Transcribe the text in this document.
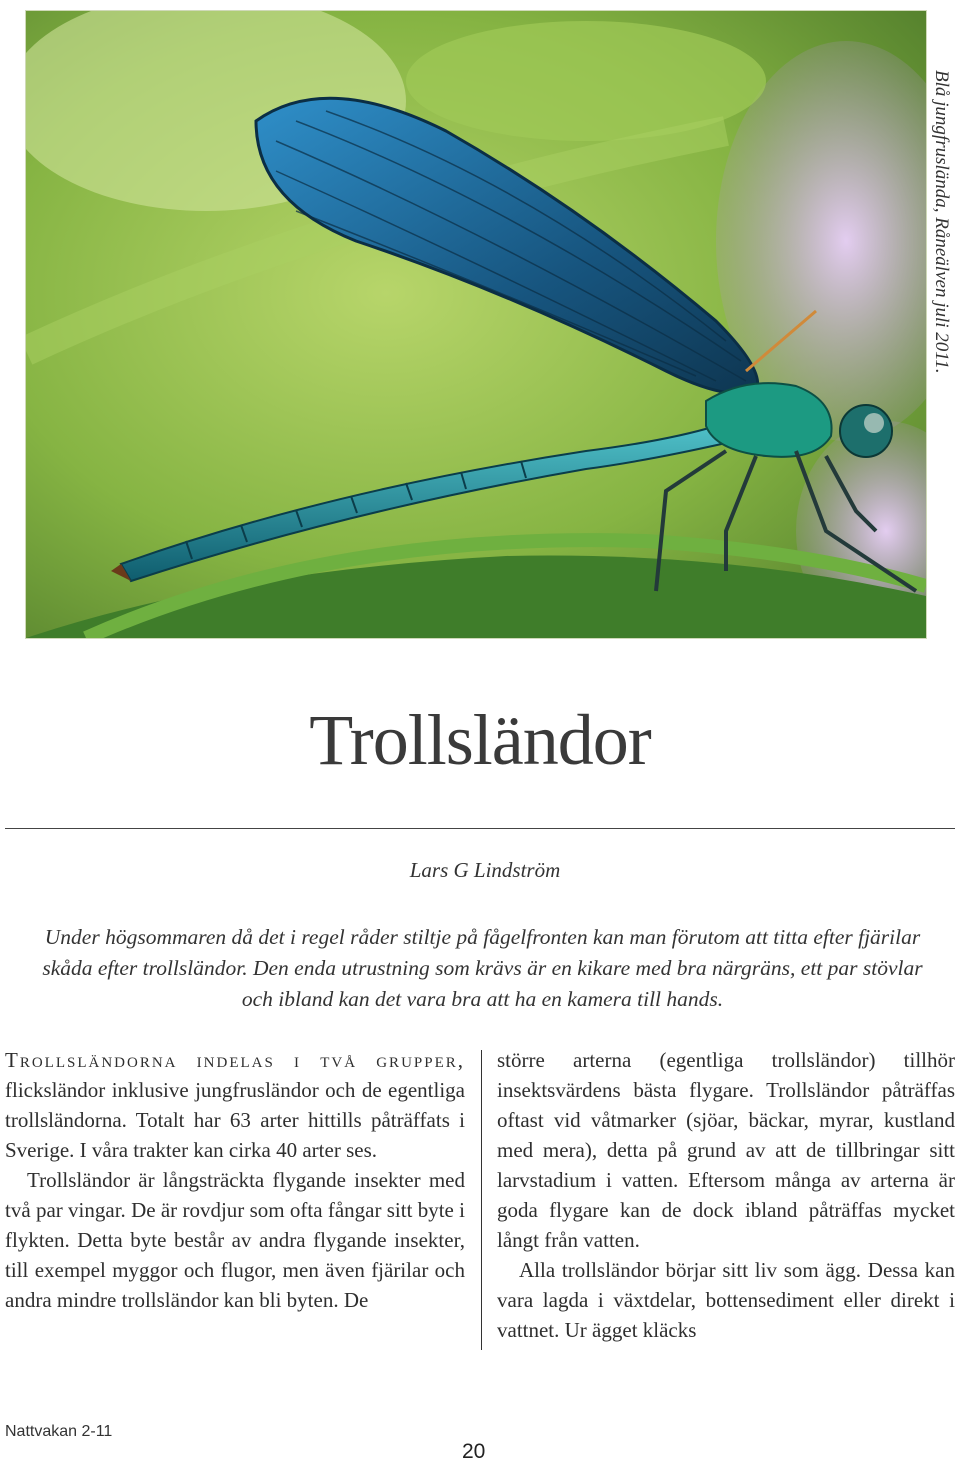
Blå jungfrusländа, Råneälven juli 2011.
Trollsländor
Lars G Lindström

Under högsommaren då det i regel råder stiltje på fågelfronten kan man förutom att titta efter fjärilar skåda efter trollsländor. Den enda utrustning som krävs är en kikare med bra närgräns, ett par stövlar och ibland kan det vara bra att ha en kamera till hands.

Trollsländorna indelas i två grupper, flicksländor inklusive jungfrusländor och de egentliga trollsländorna. Totalt har 63 arter hittills påträffats i Sverige. I våra trakter kan cirka 40 arter ses.

Trollsländor är långsträckta flygande insekter med två par vingar. De är rovdjur som ofta fångar sitt byte i flykten. Detta byte består av andra flygande insekter, till exempel myggor och flugor, men även fjärilar och andra mindre trollsländor kan bli byten. De

större arterna (egentliga trollsländor) tillhör insektsvärdens bästa flygare. Trollsländor påträffas oftast vid våtmarker (sjöar, bäckar, myrar, kustland med mera), detta på grund av att de tillbringar sitt larvstadium i vatten. Eftersom många av arterna är goda flygare kan de dock ibland påträffas mycket långt från vatten.

Alla trollsländor börjar sitt liv som ägg. Dessa kan vara lagda i växtdelar, bottensediment eller direkt i vattnet. Ur ägget kläcks

Nattvakan 2-11
20
